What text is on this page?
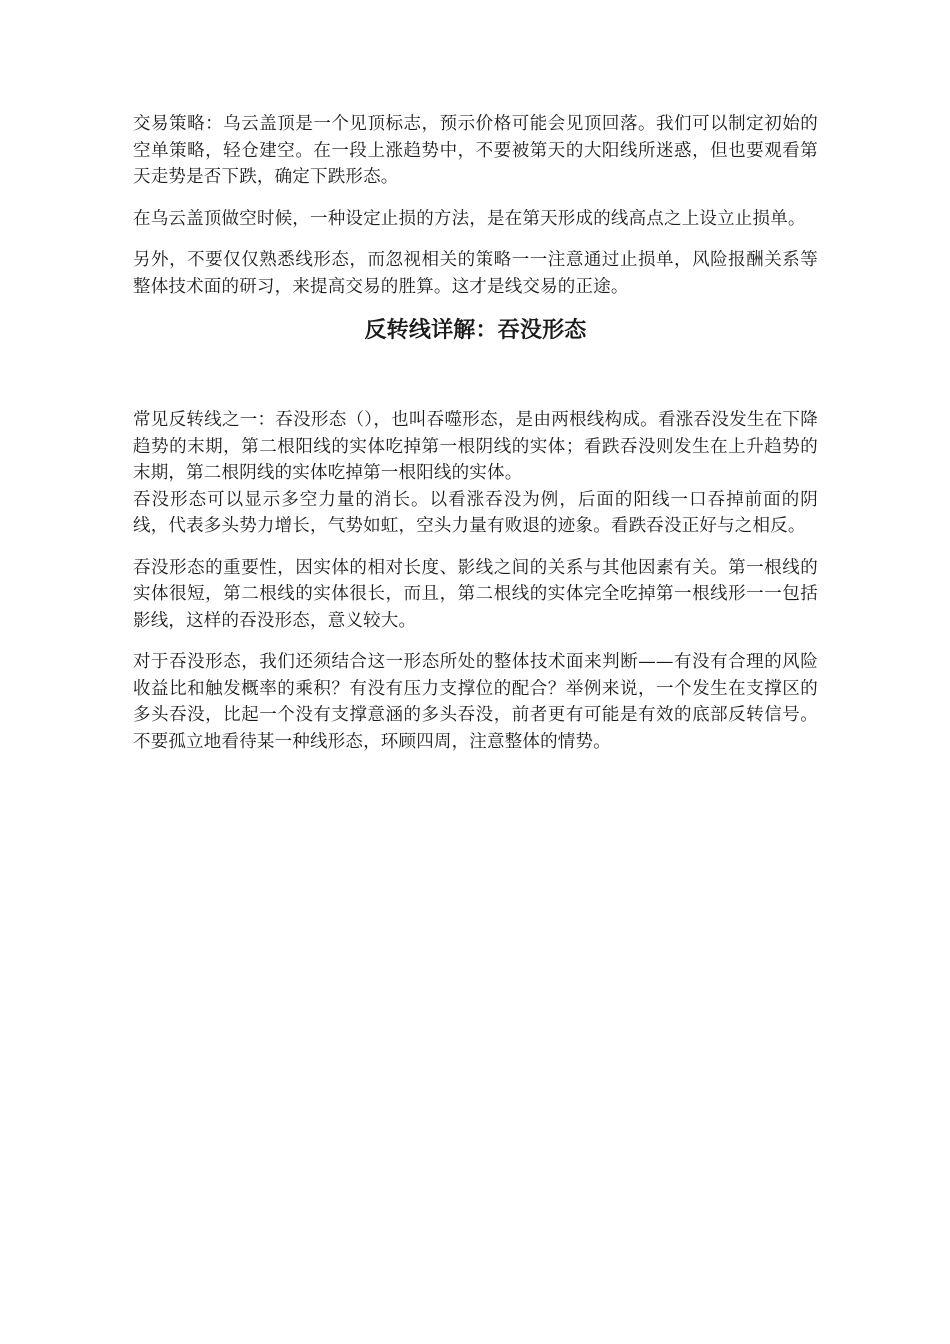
交易策略：乌云盖顶是一个见顶标志，预示价格可能会见顶回落。我们可以制定初始的空单策略，轻仓建空。在一段上涨趋势中，不要被第天的大阳线所迷惑，但也要观看第天走势是否下跌，确定下跌形态。

在乌云盖顶做空时候，一种设定止损的方法，是在第天形成的线高点之上设立止损单。

另外，不要仅仅熟悉线形态，而忽视相关的策略一一注意通过止损单，风险报酬关系等整体技术面的研习，来提高交易的胜算。这才是线交易的正途。

反转线详解：吞没形态

常见反转线之一：吞没形态（），也叫吞噬形态，是由两根线构成。看涨吞没发生在下降趋势的末期，第二根阳线的实体吃掉第一根阴线的实体；看跌吞没则发生在上升趋势的末期，第二根阴线的实体吃掉第一根阳线的实体。

吞没形态可以显示多空力量的消长。以看涨吞没为例，后面的阳线一口吞掉前面的阴线，代表多头势力增长，气势如虹，空头力量有败退的迹象。看跌吞没正好与之相反。

吞没形态的重要性，因实体的相对长度、影线之间的关系与其他因素有关。第一根线的实体很短，第二根线的实体很长，而且，第二根线的实体完全吃掉第一根线形一一包括影线，这样的吞没形态，意义较大。

对于吞没形态，我们还须结合这一形态所处的整体技术面来判断——有没有合理的风险收益比和触发概率的乘积？有没有压力支撑位的配合？举例来说，一个发生在支撑区的多头吞没，比起一个没有支撑意涵的多头吞没，前者更有可能是有效的底部反转信号。不要孤立地看待某一种线形态，环顾四周，注意整体的情势。
